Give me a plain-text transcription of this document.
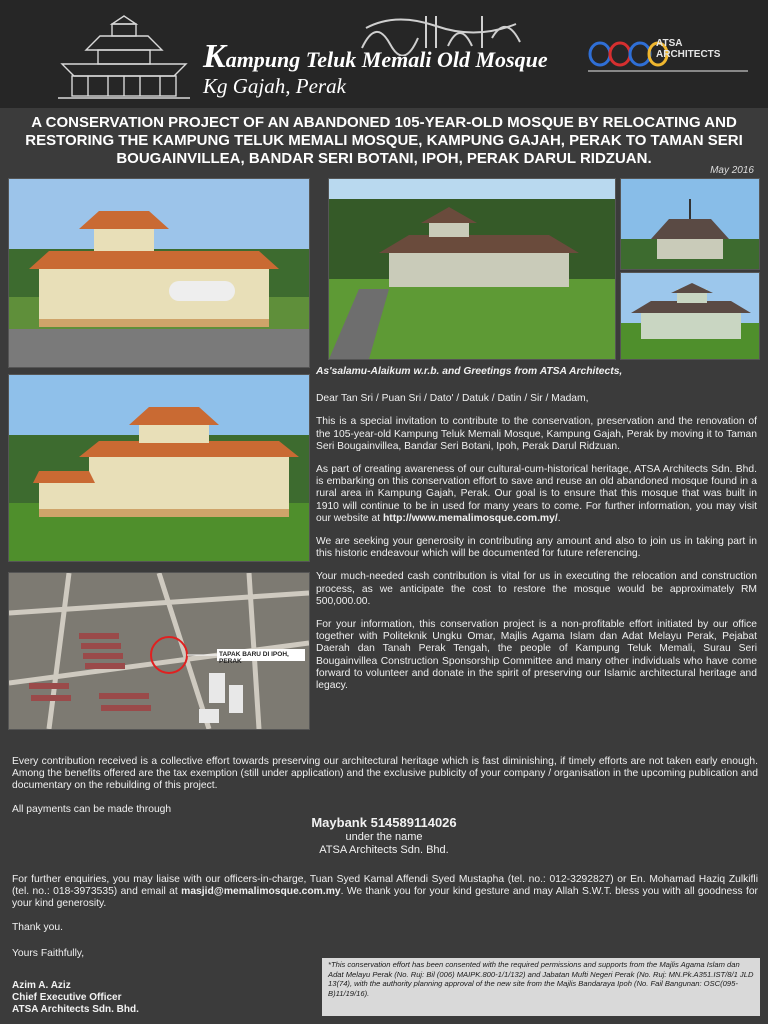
Kampung Teluk Memali Old Mosque
Kg Gajah, Perak
ATSA
ARCHITECTS
A CONSERVATION PROJECT OF AN ABANDONED 105-YEAR-OLD MOSQUE BY RELOCATING AND RESTORING THE KAMPUNG TELUK MEMALI MOSQUE, KAMPUNG GAJAH, PERAK TO TAMAN SERI BOUGAINVILLEA, BANDAR SERI BOTANI, IPOH, PERAK DARUL RIDZUAN.
May 2016
TAPAK BARU DI IPOH, PERAK

As'salamu-Alaikum w.r.b. and Greetings from ATSA Architects,

Dear Tan Sri / Puan Sri / Dato' / Datuk / Datin / Sir / Madam,

This is a special invitation to contribute to the conservation, preservation and the renovation of the 105-year-old Kampung Teluk Memali Mosque, Kampung Gajah, Perak by moving it to Taman Seri Bougainvillea, Bandar Seri Botani, Ipoh, Perak Darul Ridzuan.

As part of creating awareness of our cultural-cum-historical heritage, ATSA Architects Sdn. Bhd. is embarking on this conservation effort to save and reuse an old abandoned mosque found in a rural area in Kampung Gajah, Perak. Our goal is to ensure that this mosque that was built in 1910 will continue to be in used for many years to come. For further information, you may visit our website at http://www.memalimosque.com.my/.

We are seeking your generosity in contributing any amount and also to join us in taking part in this historic endeavour which will be documented for future referencing.

Your much-needed cash contribution is vital for us in executing the relocation and construction process, as we anticipate the cost to restore the mosque would be approximately RM 500,000.00.

For your information, this conservation project is a non-profitable effort initiated by our office together with Politeknik Ungku Omar, Majlis Agama Islam dan Adat Melayu Perak, Pejabat Daerah dan Tanah Perak Tengah, the people of Kampung Teluk Memali, Surau Seri Bougainvillea Construction Sponsorship Committee and many other individuals who have come forward to volunteer and donate in the spirit of preserving our Islamic architectural heritage and legacy.

Every contribution received is a collective effort towards preserving our architectural heritage which is fast diminishing, if timely efforts are not taken early enough. Among the benefits offered are the tax exemption (still under application) and the exclusive publicity of your company / organisation in the upcoming publication and documentary on the rebuilding of this project.

All payments can be made through

Maybank 514589114026
under the name
ATSA Architects Sdn. Bhd.

For further enquiries, you may liaise with our officers-in-charge, Tuan Syed Kamal Affendi Syed Mustapha (tel. no.: 012-3292827) or En. Mohamad Haziq Zulkifli (tel. no.: 018-3973535) and email at masjid@memalimosque.com.my. We thank you for your kind gesture and may Allah S.W.T. bless you with all goodness for your kind generosity.

Thank you.

Yours Faithfully,

Azim A. Aziz
Chief Executive Officer
ATSA Architects Sdn. Bhd.
*This conservation effort has been consented with the required permissions and supports from the Majlis Agama Islam dan Adat Melayu Perak (No. Ruj: Bil (006) MAIPK.800-1/1/132) and Jabatan Mufti Negeri Perak (No. Ruj: MN.Pk.A351.IST/8/1 JLD 13(74), with the authority planning approval of the new site from the Majlis Bandaraya Ipoh (No. Fail Bangunan: OSC(095-B)11/19/16).
